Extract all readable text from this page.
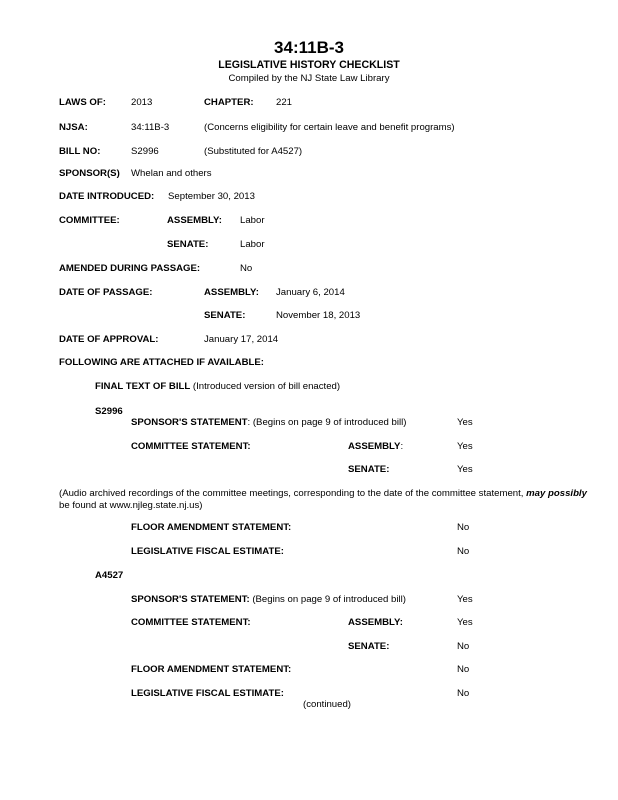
34:11B-3
LEGISLATIVE HISTORY CHECKLIST
Compiled by the NJ State Law Library
LAWS OF:	2013	CHAPTER: 221
NJSA:	34:11B-3	(Concerns eligibility for certain leave and benefit programs)
BILL NO:	S2996	(Substituted for A4527)
SPONSOR(S) Whelan and others
DATE INTRODUCED: September 30, 2013
COMMITTEE:	ASSEMBLY: Labor
SENATE:	Labor
AMENDED DURING PASSAGE:	No
DATE OF PASSAGE:	ASSEMBLY: January 6, 2014
SENATE:	November 18, 2013
DATE OF APPROVAL:	January 17, 2014
FOLLOWING ARE ATTACHED IF AVAILABLE:
FINAL TEXT OF BILL (Introduced version of bill enacted)
S2996
SPONSOR'S STATEMENT: (Begins on page 9 of introduced bill)	Yes
COMMITTEE STATEMENT:	ASSEMBLY:	Yes
SENATE:	Yes
(Audio archived recordings of the committee meetings, corresponding to the date of the committee statement, may possibly
be found at www.njleg.state.nj.us)
FLOOR AMENDMENT STATEMENT:	No
LEGISLATIVE FISCAL ESTIMATE:	No
A4527
SPONSOR'S STATEMENT: (Begins on page 9 of introduced bill)	Yes
COMMITTEE STATEMENT:	ASSEMBLY:	Yes
SENATE:	No
FLOOR AMENDMENT STATEMENT:	No
LEGISLATIVE FISCAL ESTIMATE:	No
(continued)
